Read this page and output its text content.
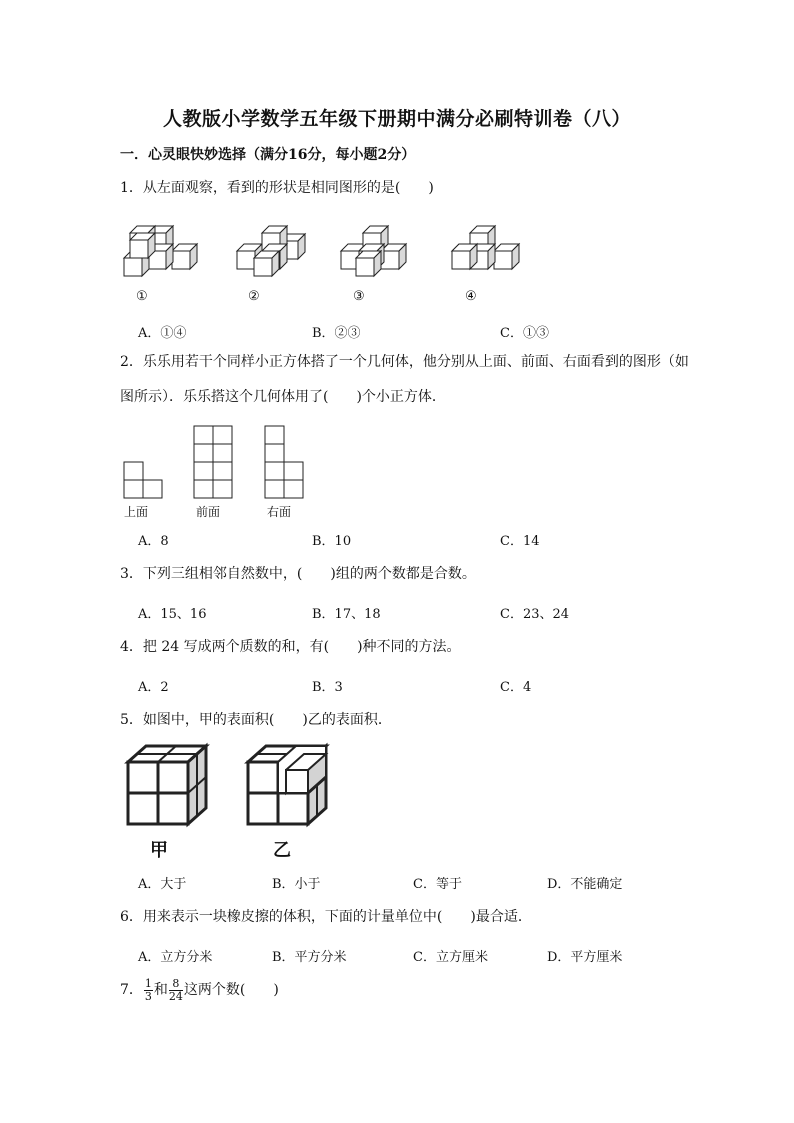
人教版小学数学五年级下册期中满分必刷特训卷（八）
一．心灵眼快妙选择（满分16分，每小题2分）
1．从左面观察，看到的形状是相同图形的是(　　)
①	②	③	④
A．①④	B．②③	C．①③
2．乐乐用若干个同样小正方体搭了一个几何体，他分别从上面、前面、右面看到的图形（如
图所示）．乐乐搭这个几何体用了(　　)个小正方体．
上面	前面	右面
A．8	B．10	C．14
3．下列三组相邻自然数中，(　　)组的两个数都是合数。
A．15、16	B．17、18	C．23、24
4．把 24 写成两个质数的和，有(　　)种不同的方法。
A．2	B．3	C．4
5．如图中，甲的表面积(　　)乙的表面积．
甲	乙
A．大于	B．小于	C．等于	D．不能确定
6．用来表示一块橡皮擦的体积，下面的计量单位中(　　)最合适．
A．立方分米	B．平方分米	C．立方厘米	D．平方厘米
7． $\frac{1}{3}$ 和 $\frac{8}{24}$ 这两个数(　　)
